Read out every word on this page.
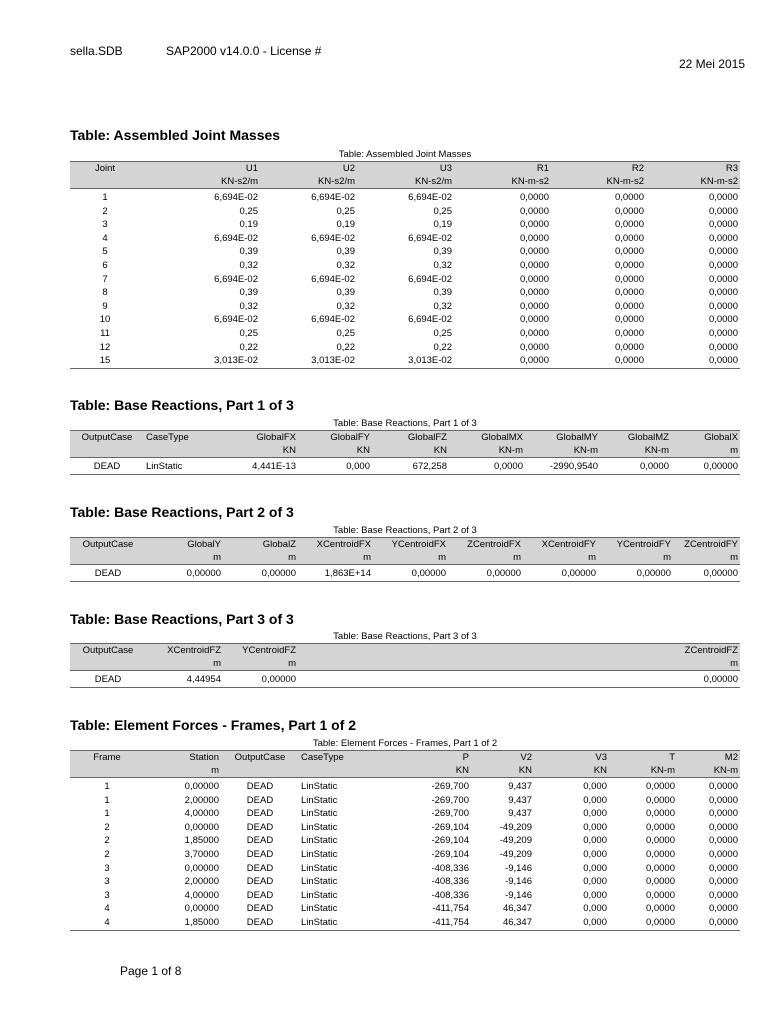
sella.SDB	SAP2000 v14.0.0 - License #
22 Mei 2015
Table: Assembled Joint Masses
Table: Assembled Joint Masses
Joint	U1	U2	U3	R1	R2	R3
	KN-s2/m	KN-s2/m	KN-s2/m	KN-m-s2	KN-m-s2	KN-m-s2
1	6,694E-02	6,694E-02	6,694E-02	0,0000	0,0000	0,0000
2	0,25	0,25	0,25	0,0000	0,0000	0,0000
3	0,19	0,19	0,19	0,0000	0,0000	0,0000
4	6,694E-02	6,694E-02	6,694E-02	0,0000	0,0000	0,0000
5	0,39	0,39	0,39	0,0000	0,0000	0,0000
6	0,32	0,32	0,32	0,0000	0,0000	0,0000
7	6,694E-02	6,694E-02	6,694E-02	0,0000	0,0000	0,0000
8	0,39	0,39	0,39	0,0000	0,0000	0,0000
9	0,32	0,32	0,32	0,0000	0,0000	0,0000
10	6,694E-02	6,694E-02	6,694E-02	0,0000	0,0000	0,0000
11	0,25	0,25	0,25	0,0000	0,0000	0,0000
12	0,22	0,22	0,22	0,0000	0,0000	0,0000
15	3,013E-02	3,013E-02	3,013E-02	0,0000	0,0000	0,0000
Table: Base Reactions, Part 1 of 3
Table: Base Reactions, Part 1 of 3
OutputCase	CaseType	GlobalFX	GlobalFY	GlobalFZ	GlobalMX	GlobalMY	GlobalMZ	GlobalX
		KN	KN	KN	KN-m	KN-m	KN-m	m
DEAD	LinStatic	4,441E-13	0,000	672,258	0,0000	-2990,9540	0,0000	0,00000
Table: Base Reactions, Part 2 of 3
Table: Base Reactions, Part 2 of 3
OutputCase	GlobalY	GlobalZ	XCentroidFX	YCentroidFX	ZCentroidFX	XCentroidFY	YCentroidFY	ZCentroidFY
	m	m	m	m	m	m	m	m
DEAD	0,00000	0,00000	1,863E+14	0,00000	0,00000	0,00000	0,00000	0,00000
Table: Base Reactions, Part 3 of 3
Table: Base Reactions, Part 3 of 3
OutputCase	XCentroidFZ	YCentroidFZ	ZCentroidFZ
	m	m	m
DEAD	4,44954	0,00000	0,00000
Table: Element Forces - Frames, Part 1 of 2
Table: Element Forces - Frames, Part 1 of 2
Frame	Station	OutputCase	CaseType	P	V2	V3	T	M2
	m			KN	KN	KN	KN-m	KN-m
1	0,00000	DEAD	LinStatic	-269,700	9,437	0,000	0,0000	0,0000
1	2,00000	DEAD	LinStatic	-269,700	9,437	0,000	0,0000	0,0000
1	4,00000	DEAD	LinStatic	-269,700	9,437	0,000	0,0000	0,0000
2	0,00000	DEAD	LinStatic	-269,104	-49,209	0,000	0,0000	0,0000
2	1,85000	DEAD	LinStatic	-269,104	-49,209	0,000	0,0000	0,0000
2	3,70000	DEAD	LinStatic	-269,104	-49,209	0,000	0,0000	0,0000
3	0,00000	DEAD	LinStatic	-408,336	-9,146	0,000	0,0000	0,0000
3	2,00000	DEAD	LinStatic	-408,336	-9,146	0,000	0,0000	0,0000
3	4,00000	DEAD	LinStatic	-408,336	-9,146	0,000	0,0000	0,0000
4	0,00000	DEAD	LinStatic	-411,754	46,347	0,000	0,0000	0,0000
4	1,85000	DEAD	LinStatic	-411,754	46,347	0,000	0,0000	0,0000
Page 1 of 8
